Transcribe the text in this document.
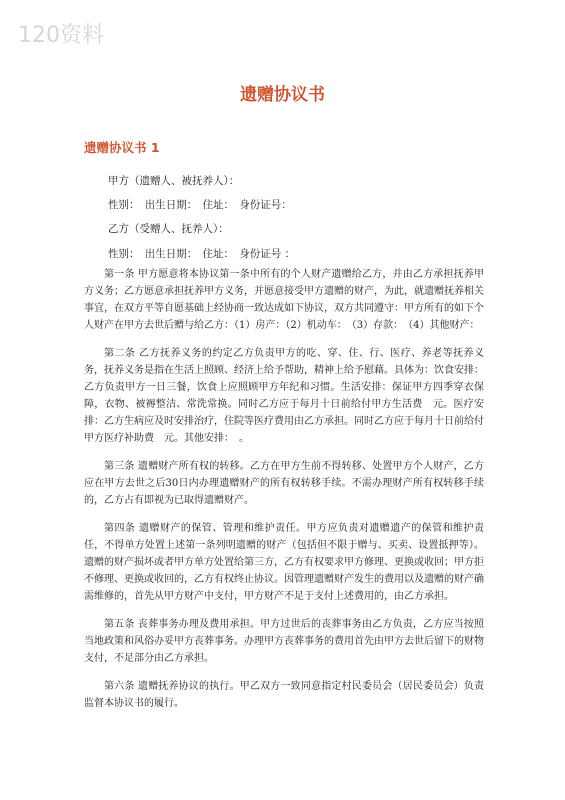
120资料
遗赠协议书
遗赠协议书 1
甲方（遗赠人、被抚养人）：
性别：　出生日期：　住址：　身份证号：
乙方（受赠人、抚养人）：
性别：　出生日期：　住址：　身份证号 ：

第一条 甲方愿意将本协议第一条中所有的个人财产遗赠给乙方，并由乙方承担抚养甲方义务；乙方愿意承担抚养甲方义务，并愿意接受甲方遗赠的财产，为此，就遗赠抚养相关事宜，在双方平等自愿基础上经协商一致达成如下协议，双方共同遵守：甲方所有的如下个人财产在甲方去世后赠与给乙方：（1）房产：（2）机动车：　（3）存款：　（4）其他财产：

第二条 乙方抚养义务的约定乙方负责甲方的吃、穿、住、行、医疗、养老等抚养义务，抚养义务是指在生活上照顾、经济上给予帮助，精神上给予慰藉。具体为：饮食安排：乙方负责甲方一日三餐，饮食上应照顾甲方年纪和习惯。生活安排：保证甲方四季穿衣保障，衣物、被褥整洁、常洗常换。同时乙方应于每月十日前给付甲方生活费　元。医疗安排：乙方生病应及时安排治疗，住院等医疗费用由乙方承担。同时乙方应于每月十日前给付甲方医疗补助费　元。其他安排：　。

第三条 遗赠财产所有权的转移。乙方在甲方生前不得转移、处置甲方个人财产，乙方应在甲方去世之后30日内办理遗赠财产的所有权转移手续。不需办理财产所有权转移手续的，乙方占有即视为已取得遗赠财产。

第四条 遗赠财产的保管、管理和维护责任。甲方应负责对遗赠遗产的保管和维护责任，不得单方处置上述第一条列明遗赠的财产（包括但不限于赠与、买卖、设置抵押等）。遗赠的财产损坏或者甲方单方处置给第三方，乙方有权要求甲方修理、更换或收回；甲方拒不修理、更换或收回的，乙方有权终止协议。因管理遗赠财产发生的费用以及遗赠的财产确需维修的，首先从甲方财产中支付，甲方财产不足于支付上述费用的，由乙方承担。

第五条 丧葬事务办理及费用承担。甲方过世后的丧葬事务由乙方负责，乙方应当按照当地政策和风俗办妥甲方丧葬事务。办理甲方丧葬事务的费用首先由甲方去世后留下的财物支付，不足部分由乙方承担。

第六条 遗赠抚养协议的执行。甲乙双方一致同意指定村民委员会（居民委员会）负责监督本协议书的履行。
